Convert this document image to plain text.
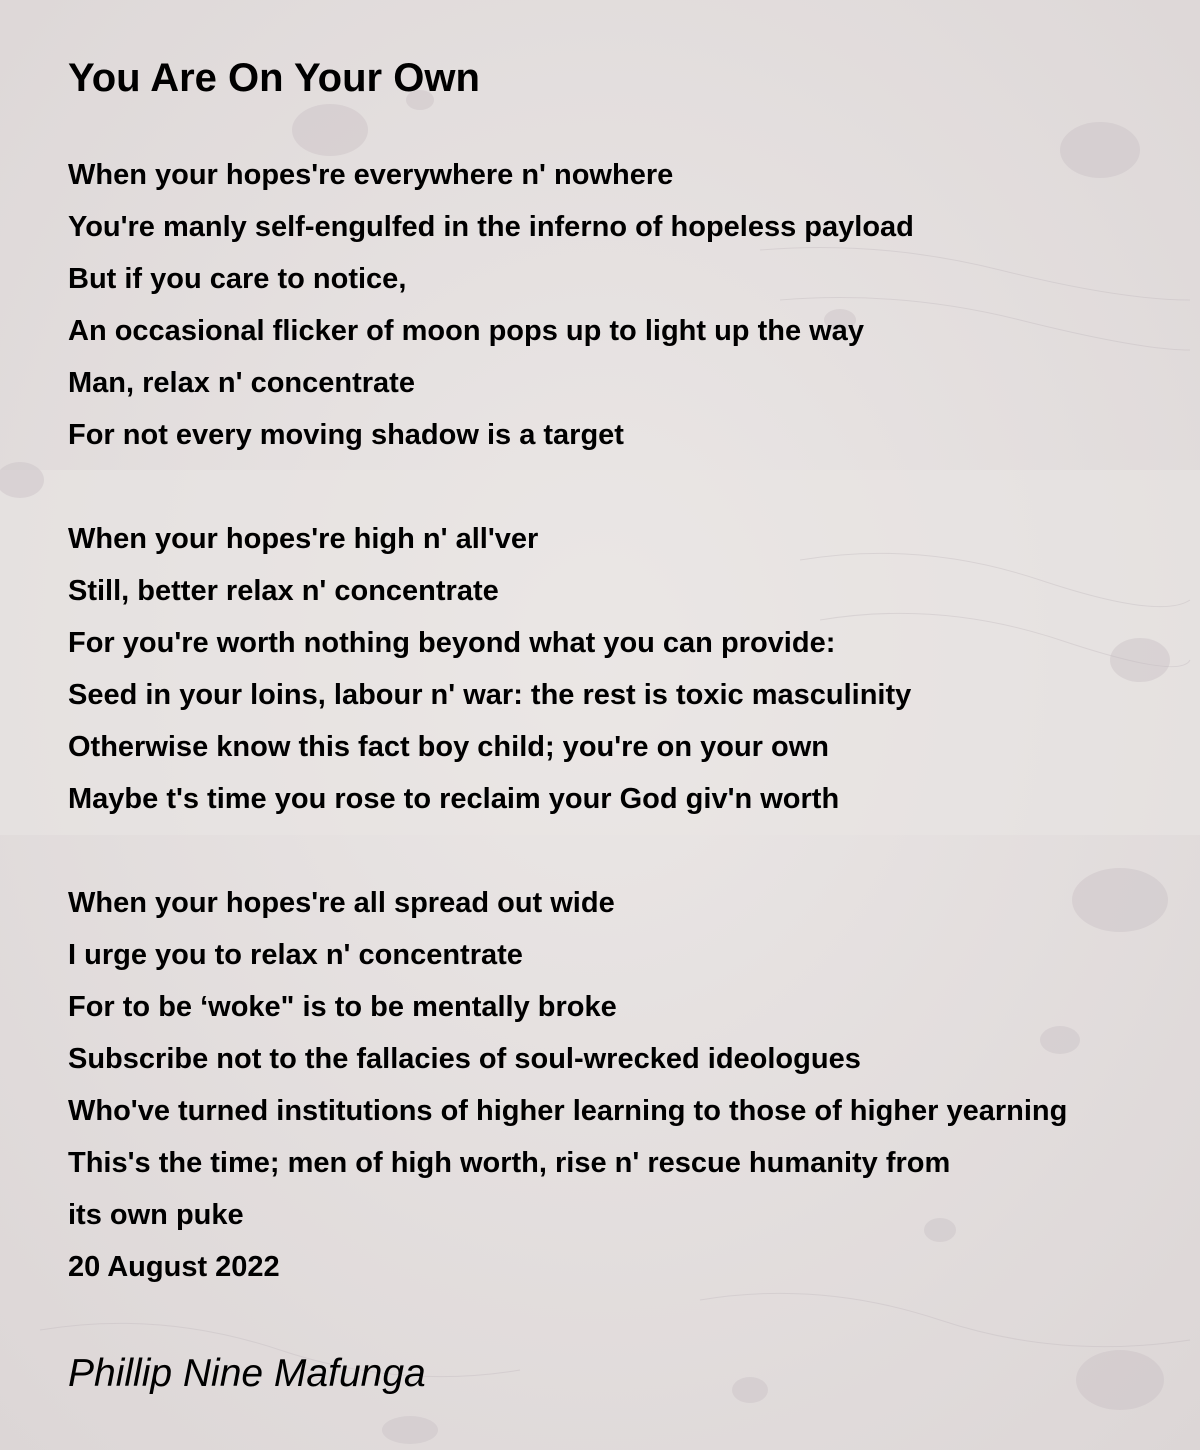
You Are On Your Own
When your hopes're everywhere n' nowhere
You're manly self-engulfed in the inferno of hopeless payload
But if you care to notice,
An occasional flicker of moon pops up to light up the way
Man, relax n' concentrate
For not every moving shadow is a target
When your hopes're high n' all'ver
Still, better relax n' concentrate
For you're worth nothing beyond what you can provide:
Seed in your loins, labour n' war: the rest is toxic masculinity
Otherwise know this fact boy child; you're on your own
Maybe t's time you rose to reclaim your God giv'n worth
When your hopes're all spread out wide
I urge you to relax n' concentrate
For to be ‘woke" is to be mentally broke
Subscribe not to the fallacies of soul-wrecked ideologues
Who've turned institutions of higher learning to those of higher yearning
This's the time; men of high worth, rise n' rescue humanity from
its own puke
20 August 2022
Phillip Nine Mafunga
